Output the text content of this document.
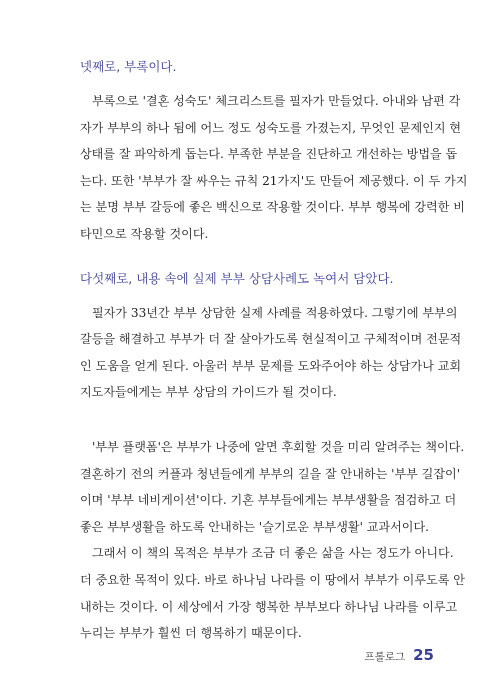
넷째로, 부록이다.
부록으로 '결혼 성숙도' 체크리스트를 필자가 만들었다. 아내와 남편 각
자가 부부의 하나 됨에 어느 정도 성숙도를 가졌는지, 무엇인 문제인지 현
상태를 잘 파악하게 돕는다. 부족한 부분을 진단하고 개선하는 방법을 돕
는다. 또한 '부부가 잘 싸우는 규칙 21가지'도 만들어 제공했다. 이 두 가지
는 분명 부부 갈등에 좋은 백신으로 작용할 것이다. 부부 행복에 강력한 비
타민으로 작용할 것이다.
다섯째로, 내용 속에 실제 부부 상담사례도 녹여서 담았다.
필자가 33년간 부부 상담한 실제 사례를 적용하였다. 그렇기에 부부의
갈등을 해결하고 부부가 더 잘 살아가도록 현실적이고 구체적이며 전문적
인 도움을 얻게 된다. 아울러 부부 문제를 도와주어야 하는 상담가나 교회
지도자들에게는 부부 상담의 가이드가 될 것이다.
'부부 플랫폼'은 부부가 나중에 알면 후회할 것을 미리 알려주는 책이다.
결혼하기 전의 커플과 청년들에게 부부의 길을 잘 안내하는 '부부 길잡이'
이며 '부부 네비게이션'이다. 기혼 부부들에게는 부부생활을 점검하고 더
좋은 부부생활을 하도록 안내하는 '슬기로운 부부생활' 교과서이다.
그래서 이 책의 목적은 부부가 조금 더 좋은 삶을 사는 정도가 아니다.
더 중요한 목적이 있다. 바로 하나님 나라를 이 땅에서 부부가 이루도록 안
내하는 것이다. 이 세상에서 가장 행복한 부부보다 하나님 나라를 이루고
누리는 부부가 훨씬 더 행복하기 때문이다.
프롤로그 25
